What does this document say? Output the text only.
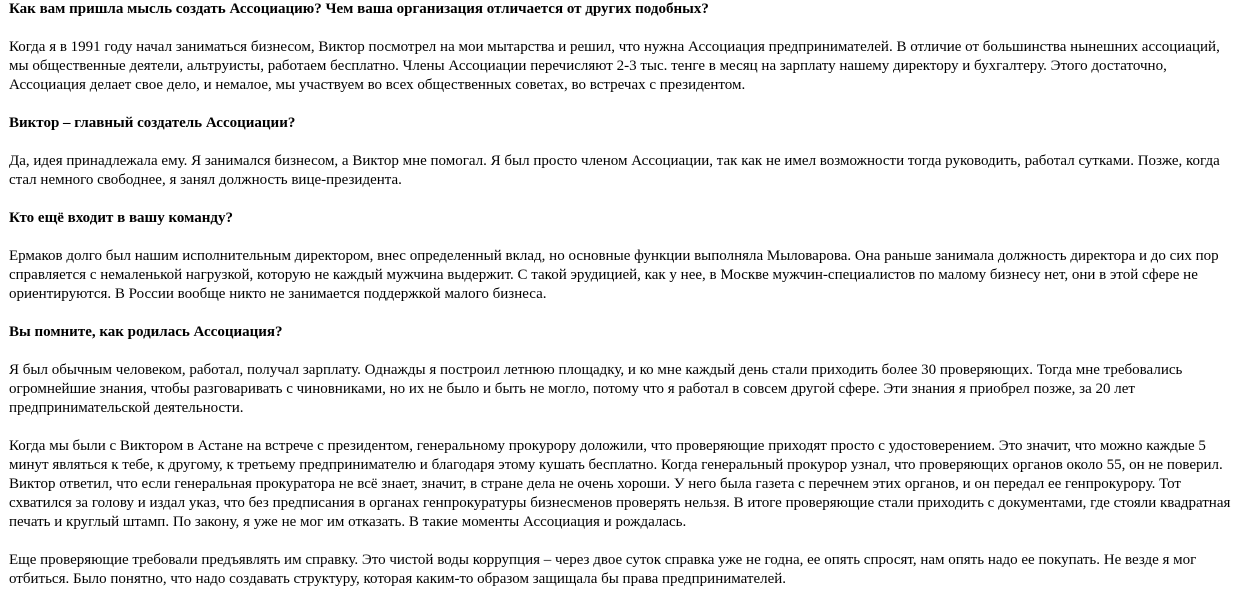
Как вам пришла мысль создать Ассоциацию? Чем ваша организация отличается от других подобных?

Когда я в 1991 году начал заниматься бизнесом, Виктор посмотрел на мои мытарства и решил, что нужна Ассоциация предпринимателей. В отличие от большинства нынешних ассоциаций, мы общественные деятели, альтруисты, работаем бесплатно. Члены Ассоциации перечисляют 2-3 тыс. тенге в месяц на зарплату нашему директору и бухгалтеру. Этого достаточно, Ассоциация делает свое дело, и немалое, мы участвуем во всех общественных советах, во встречах с президентом.

Виктор – главный создатель Ассоциации?

Да, идея принадлежала ему. Я занимался бизнесом, а Виктор мне помогал. Я был просто членом Ассоциации, так как не имел возможности тогда руководить, работал сутками. Позже, когда стал немного свободнее, я занял должность вице-президента.

Кто ещё входит в вашу команду?

Ермаков долго был нашим исполнительным директором, внес определенный вклад, но основные функции выполняла Мыловарова. Она раньше занимала должность директора и до сих пор справляется с немаленькой нагрузкой, которую не каждый мужчина выдержит. С такой эрудицией, как у нее, в Москве мужчин-специалистов по малому бизнесу нет, они в этой сфере не ориентируются. В России вообще никто не занимается поддержкой малого бизнеса.

Вы помните, как родилась Ассоциация?

Я был обычным человеком, работал, получал зарплату. Однажды я построил летнюю площадку, и ко мне каждый день стали приходить более 30 проверяющих. Тогда мне требовались огромнейшие знания, чтобы разговаривать с чиновниками, но их не было и быть не могло, потому что я работал в совсем другой сфере. Эти знания я приобрел позже, за 20 лет предпринимательской деятельности.

Когда мы были с Виктором в Астане на встрече с президентом, генеральному прокурору доложили, что проверяющие приходят просто с удостоверением. Это значит, что можно каждые 5 минут являться к тебе, к другому, к третьему предпринимателю и благодаря этому кушать бесплатно. Когда генеральный прокурор узнал, что проверяющих органов около 55, он не поверил. Виктор ответил, что если генеральная прокуратора не всё знает, значит, в стране дела не очень хороши. У него была газета с перечнем этих органов, и он передал ее генпрокурору. Тот схватился за голову и издал указ, что без предписания в органах генпрокуратуры бизнесменов проверять нельзя. В итоге проверяющие стали приходить с документами, где стояли квадратная печать и круглый штамп. По закону, я уже не мог им отказать. В такие моменты Ассоциация и рождалась.

Еще проверяющие требовали предъявлять им справку. Это чистой воды коррупция – через двое суток справка уже не годна, ее опять спросят, нам опять надо ее покупать. Не везде я мог отбиться. Было понятно, что надо создавать структуру, которая каким-то образом защищала бы права предпринимателей.
